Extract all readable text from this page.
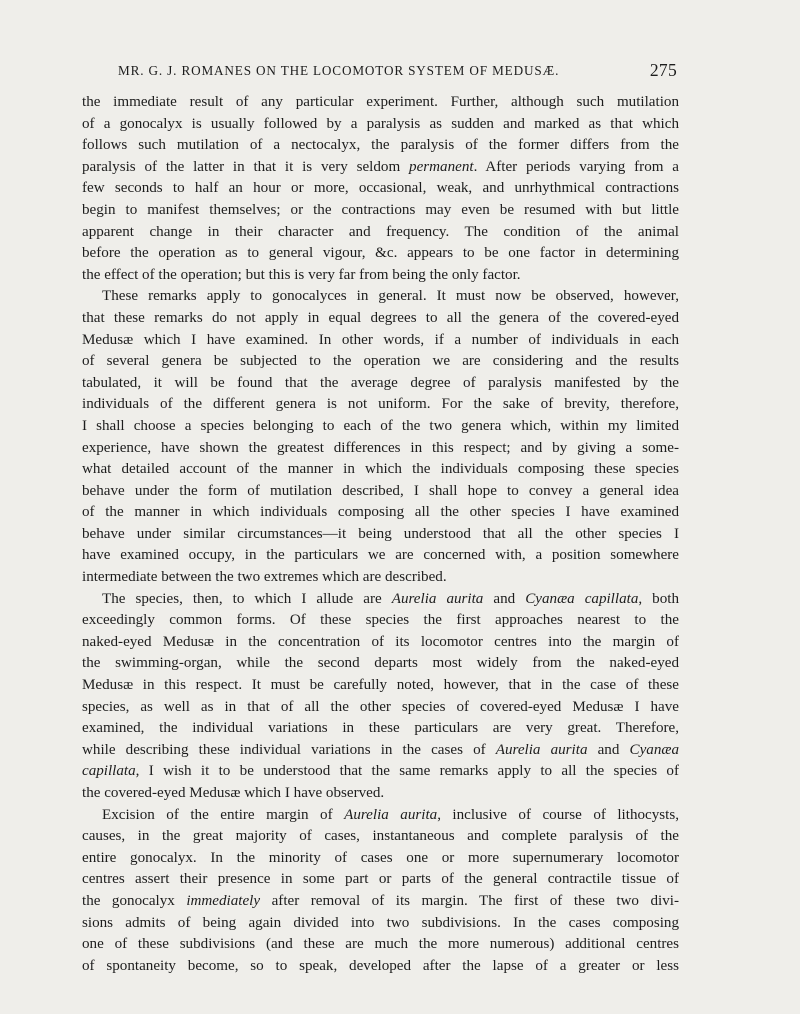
MR. G. J. ROMANES ON THE LOCOMOTOR SYSTEM OF MEDUSÆ.	275
the immediate result of any particular experiment. Further, although such mutilation
of a gonocalyx is usually followed by a paralysis as sudden and marked as that which
follows such mutilation of a nectocalyx, the paralysis of the former differs from the
paralysis of the latter in that it is very seldom permanent. After periods varying from a
few seconds to half an hour or more, occasional, weak, and unrhythmical contractions
begin to manifest themselves; or the contractions may even be resumed with but little
apparent change in their character and frequency. The condition of the animal
before the operation as to general vigour, &c. appears to be one factor in determining
the effect of the operation; but this is very far from being the only factor.
These remarks apply to gonocalyces in general. It must now be observed, however,
that these remarks do not apply in equal degrees to all the genera of the covered-eyed
Medusæ which I have examined. In other words, if a number of individuals in each
of several genera be subjected to the operation we are considering and the results
tabulated, it will be found that the average degree of paralysis manifested by the
individuals of the different genera is not uniform. For the sake of brevity, therefore,
I shall choose a species belonging to each of the two genera which, within my limited
experience, have shown the greatest differences in this respect; and by giving a some-
what detailed account of the manner in which the individuals composing these species
behave under the form of mutilation described, I shall hope to convey a general idea
of the manner in which individuals composing all the other species I have examined
behave under similar circumstances—it being understood that all the other species I
have examined occupy, in the particulars we are concerned with, a position somewhere
intermediate between the two extremes which are described.
The species, then, to which I allude are Aurelia aurita and Cyanæa capillata, both
exceedingly common forms. Of these species the first approaches nearest to the
naked-eyed Medusæ in the concentration of its locomotor centres into the margin of
the swimming-organ, while the second departs most widely from the naked-eyed
Medusæ in this respect. It must be carefully noted, however, that in the case of these
species, as well as in that of all the other species of covered-eyed Medusæ I have
examined, the individual variations in these particulars are very great. Therefore,
while describing these individual variations in the cases of Aurelia aurita and Cyanæa
capillata, I wish it to be understood that the same remarks apply to all the species of
the covered-eyed Medusæ which I have observed.
Excision of the entire margin of Aurelia aurita, inclusive of course of lithocysts,
causes, in the great majority of cases, instantaneous and complete paralysis of the
entire gonocalyx. In the minority of cases one or more supernumerary locomotor
centres assert their presence in some part or parts of the general contractile tissue of
the gonocalyx immediately after removal of its margin. The first of these two divi-
sions admits of being again divided into two subdivisions. In the cases composing
one of these subdivisions (and these are much the more numerous) additional centres
of spontaneity become, so to speak, developed after the lapse of a greater or less
